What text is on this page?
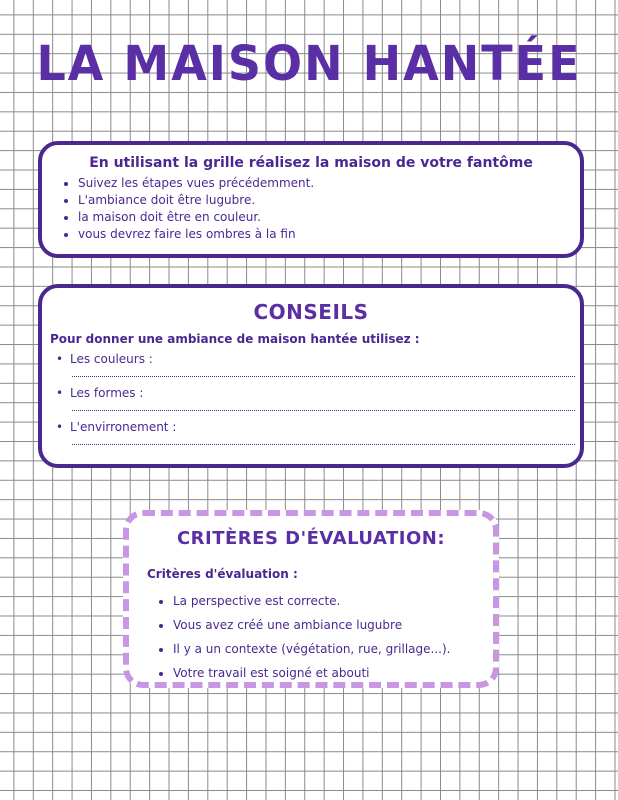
LA MAISON HANTÉE
En utilisant la grille réalisez la maison de votre fantôme
• Suivez les étapes vues précédemment.
• L'ambiance doit être lugubre.
• la maison doit être en couleur.
• vous devrez faire les ombres à la fin
CONSEILS
Pour donner une ambiance de maison hantée utilisez :
• Les couleurs :
• Les formes :
• L'envirronement :
CRITÈRES D'ÉVALUATION:
Critères d'évaluation :
• La perspective est correcte.
• Vous avez créé une ambiance lugubre
• Il y a un contexte (végétation, rue, grillage...).
• Votre travail est soigné et abouti
